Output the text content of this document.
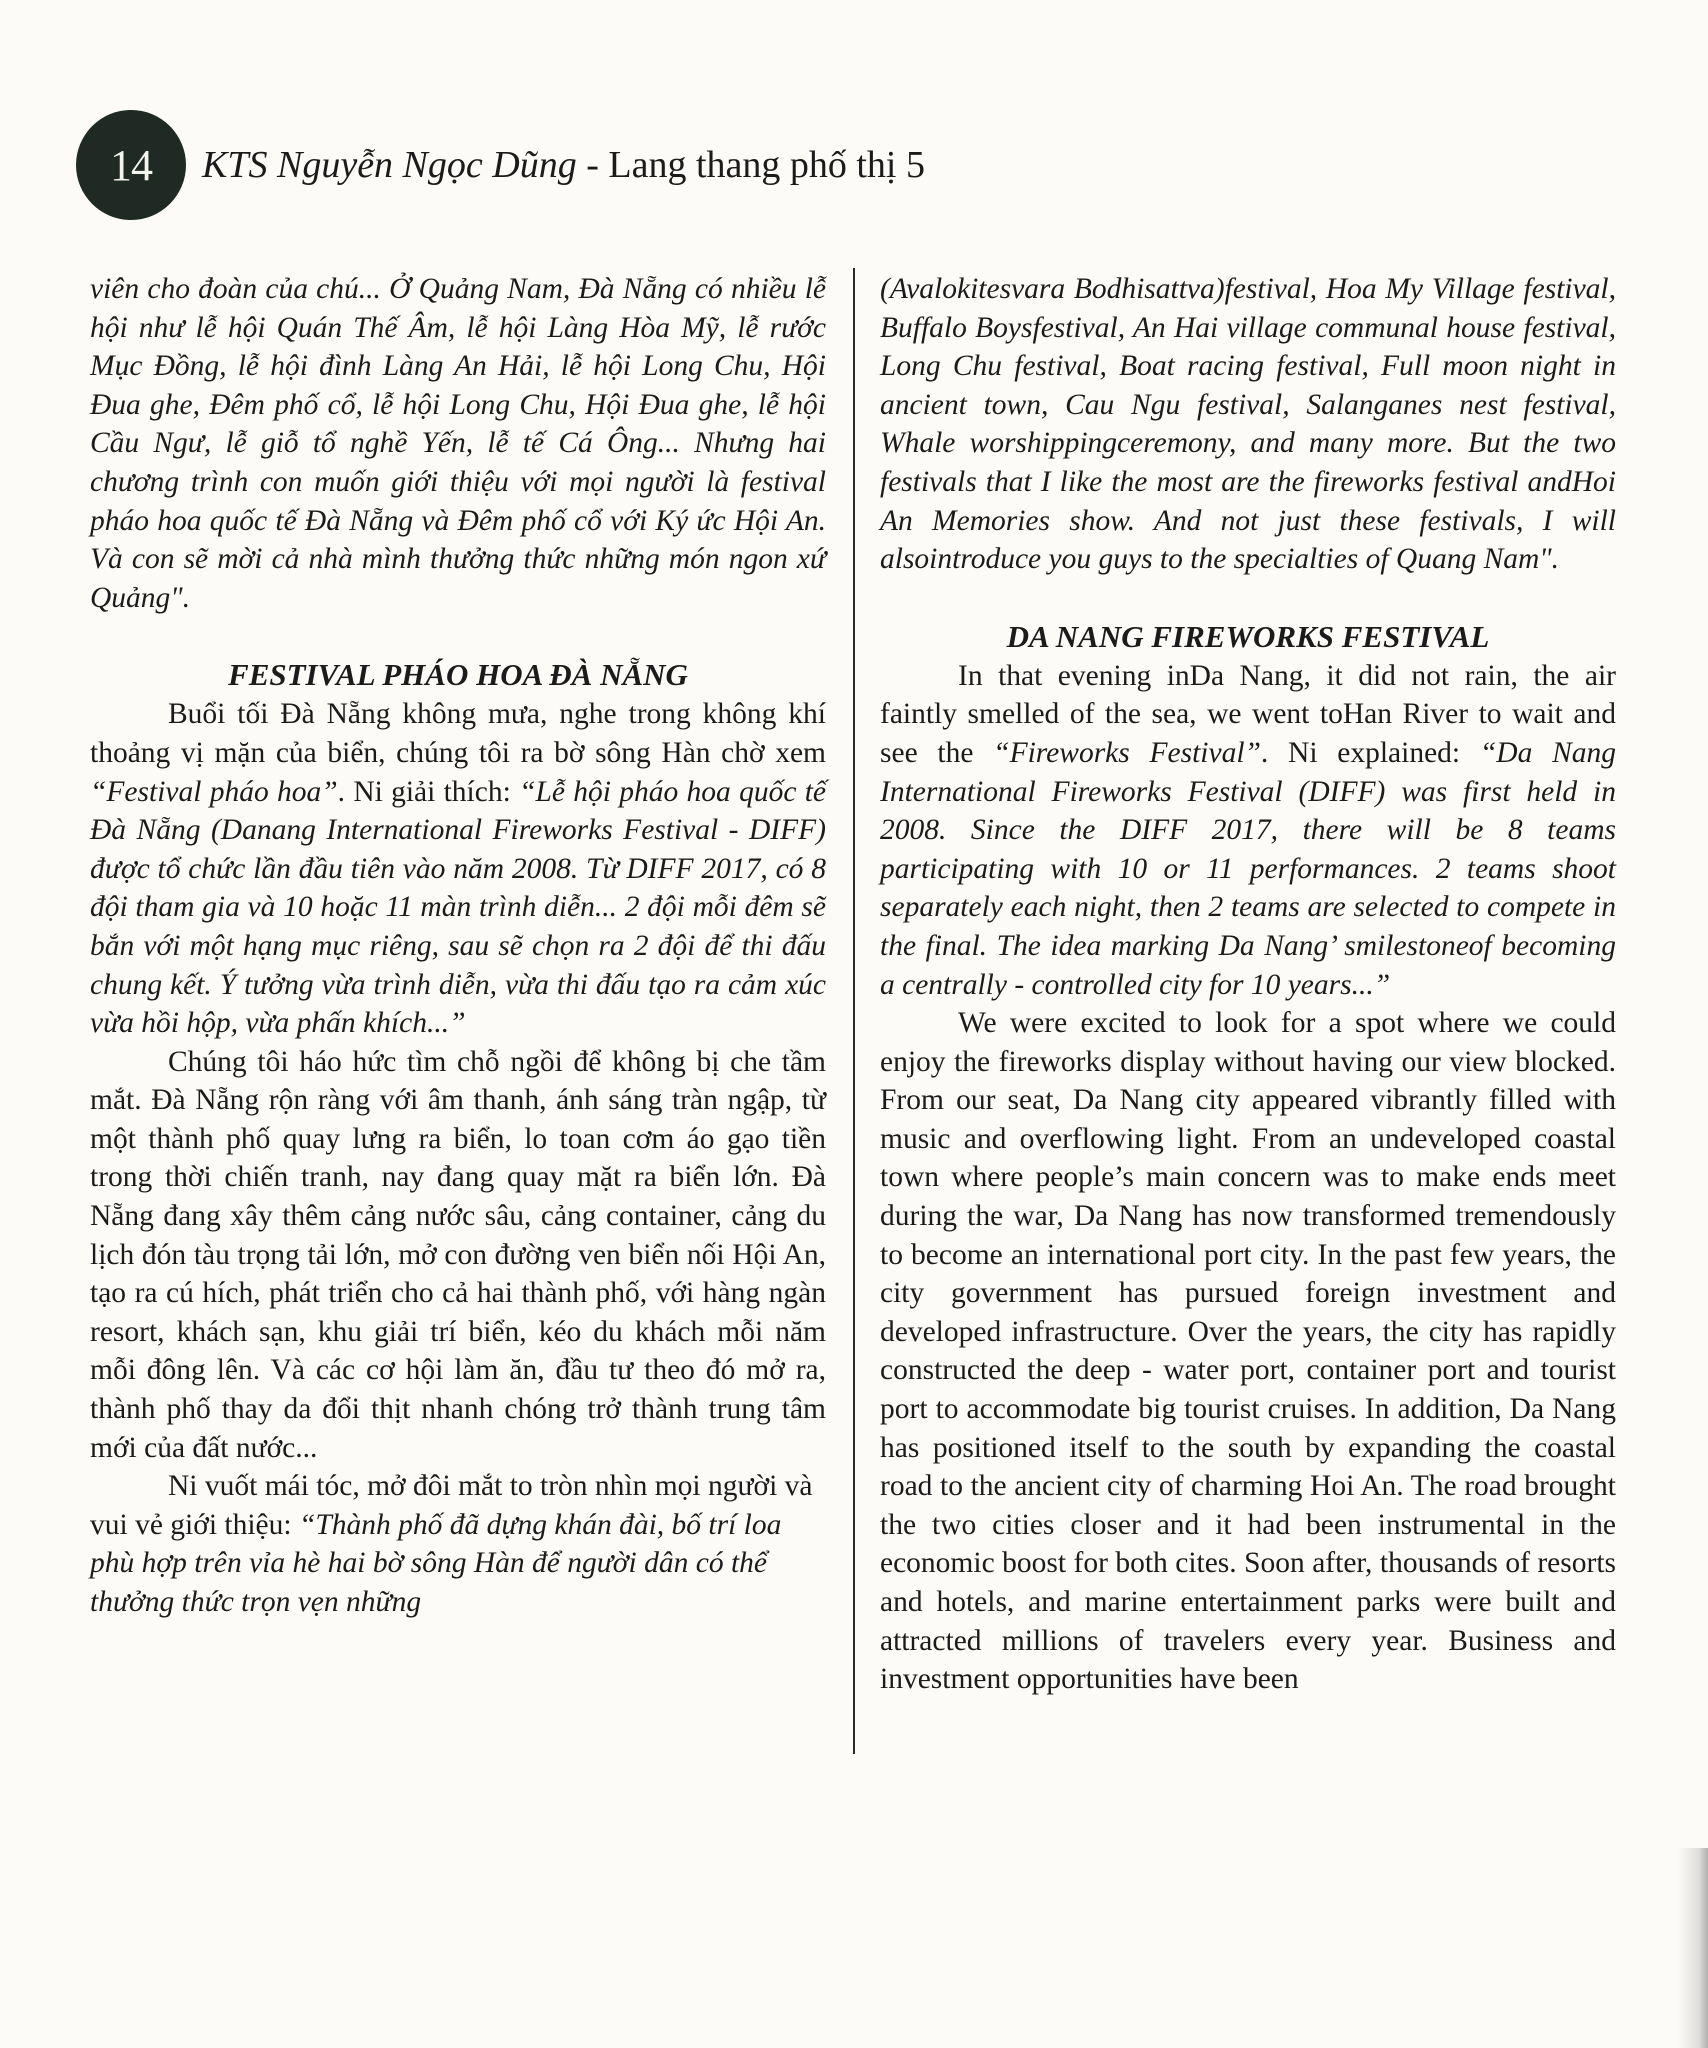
14	KTS Nguyễn Ngọc Dũng - Lang thang phố thị 5

viên cho đoàn của chú... Ở Quảng Nam, Đà Nẵng có nhiều lễ hội như lễ hội Quán Thế Âm, lễ hội Làng Hòa Mỹ, lễ rước Mục Đồng, lễ hội đình Làng An Hải, lễ hội Long Chu, Hội Đua ghe, Đêm phố cổ, lễ hội Long Chu, Hội Đua ghe, lễ hội Cầu Ngư, lễ giỗ tổ nghề Yến, lễ tế Cá Ông... Nhưng hai chương trình con muốn giới thiệu với mọi người là festival pháo hoa quốc tế Đà Nẵng và Đêm phố cổ với Ký ức Hội An. Và con sẽ mời cả nhà mình thưởng thức những món ngon xứ Quảng".

FESTIVAL PHÁO HOA ĐÀ NẴNG

Buổi tối Đà Nẵng không mưa, nghe trong không khí thoảng vị mặn của biển, chúng tôi ra bờ sông Hàn chờ xem “Festival pháo hoa”. Ni giải thích: “Lễ hội pháo hoa quốc tế Đà Nẵng (Danang International Fireworks Festival - DIFF) được tổ chức lần đầu tiên vào năm 2008. Từ DIFF 2017, có 8 đội tham gia và 10 hoặc 11 màn trình diễn... 2 đội mỗi đêm sẽ bắn với một hạng mục riêng, sau sẽ chọn ra 2 đội để thi đấu chung kết. Ý tưởng vừa trình diễn, vừa thi đấu tạo ra cảm xúc vừa hồi hộp, vừa phấn khích...”

Chúng tôi háo hức tìm chỗ ngồi để không bị che tầm mắt. Đà Nẵng rộn ràng với âm thanh, ánh sáng tràn ngập, từ một thành phố quay lưng ra biển, lo toan cơm áo gạo tiền trong thời chiến tranh, nay đang quay mặt ra biển lớn. Đà Nẵng đang xây thêm cảng nước sâu, cảng container, cảng du lịch đón tàu trọng tải lớn, mở con đường ven biển nối Hội An, tạo ra cú hích, phát triển cho cả hai thành phố, với hàng ngàn resort, khách sạn, khu giải trí biển, kéo du khách mỗi năm mỗi đông lên. Và các cơ hội làm ăn, đầu tư theo đó mở ra, thành phố thay da đổi thịt nhanh chóng trở thành trung tâm mới của đất nước...

Ni vuốt mái tóc, mở đôi mắt to tròn nhìn mọi người và vui vẻ giới thiệu: “Thành phố đã dựng khán đài, bố trí loa phù hợp trên vỉa hè hai bờ sông Hàn để người dân có thể thưởng thức trọn vẹn những

(Avalokitesvara Bodhisattva)festival, Hoa My Village festival, Buffalo Boysfestival, An Hai village communal house festival, Long Chu festival, Boat racing festival, Full moon night in ancient town, Cau Ngu festival, Salanganes nest festival, Whale worshippingceremony, and many more. But the two festivals that I like the most are the fireworks festival andHoi An Memories show. And not just these festivals, I will alsointroduce you guys to the specialties of Quang Nam".

DA NANG FIREWORKS FESTIVAL

In that evening inDa Nang, it did not rain, the air faintly smelled of the sea, we went toHan River to wait and see the “Fireworks Festival”. Ni explained: “Da Nang International Fireworks Festival (DIFF) was first held in 2008. Since the DIFF 2017, there will be 8 teams participating with 10 or 11 performances. 2 teams shoot separately each night, then 2 teams are selected to compete in the final. The idea marking Da Nang’ smilestoneof becoming a centrally - controlled city for 10 years...”

We were excited to look for a spot where we could enjoy the fireworks display without having our view blocked. From our seat, Da Nang city appeared vibrantly filled with music and overflowing light. From an undeveloped coastal town where people’s main concern was to make ends meet during the war, Da Nang has now transformed tremendously to become an international port city. In the past few years, the city government has pursued foreign investment and developed infrastructure. Over the years, the city has rapidly constructed the deep - water port, container port and tourist port to accommodate big tourist cruises. In addition, Da Nang has positioned itself to the south by expanding the coastal road to the ancient city of charming Hoi An. The road brought the two cities closer and it had been instrumental in the economic boost for both cites. Soon after, thousands of resorts and hotels, and marine entertainment parks were built and attracted millions of travelers every year. Business and investment opportunities have been
